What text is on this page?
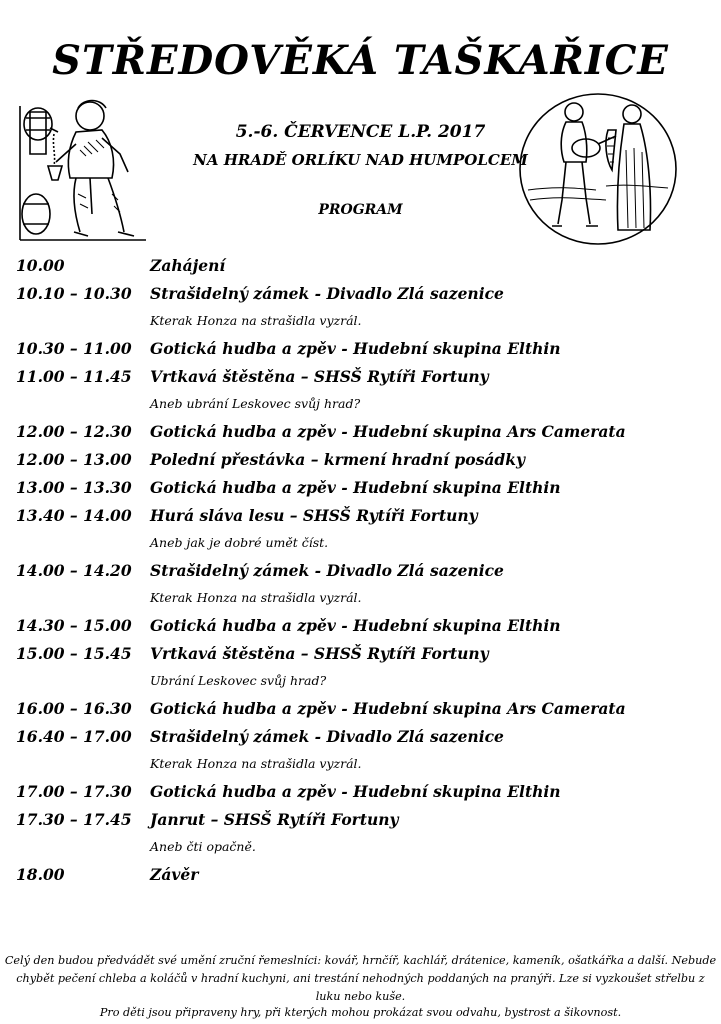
STŘEDOVĚKÁ TAŠKAŘICE

5.-6. ČERVENCE L.P. 2017

NA HRADĚ ORLÍKU NAD HUMPOLCEM

PROGRAM

10.00	Zahájení
10.10 – 10.30	Strašidelný zámek - Divadlo Zlá sazenice
Kterak Honza na strašidla vyzrál.
10.30 – 11.00	Gotická hudba a zpěv - Hudební skupina Elthin
11.00 – 11.45	Vrtkavá štěstěna – SHSŠ Rytíři Fortuny
Aneb ubrání Leskovec svůj hrad?
12.00 – 12.30	Gotická hudba a zpěv - Hudební skupina Ars Camerata
12.00 – 13.00	Polední přestávka – krmení hradní posádky
13.00 – 13.30	Gotická hudba a zpěv - Hudební skupina Elthin
13.40 – 14.00	Hurá sláva lesu – SHSŠ Rytíři Fortuny
Aneb jak je dobré umět číst.
14.00 – 14.20	Strašidelný zámek - Divadlo Zlá sazenice
Kterak Honza na strašidla vyzrál.
14.30 – 15.00	Gotická hudba a zpěv - Hudební skupina Elthin
15.00 – 15.45	Vrtkavá štěstěna – SHSŠ Rytíři Fortuny
Ubrání Leskovec svůj hrad?
16.00 – 16.30	Gotická hudba a zpěv - Hudební skupina Ars Camerata
16.40 – 17.00	Strašidelný zámek - Divadlo Zlá sazenice
Kterak Honza na strašidla vyzrál.
17.00 – 17.30	Gotická hudba a zpěv - Hudební skupina Elthin
17.30 – 17.45	Janrut – SHSŠ Rytíři Fortuny
Aneb čti opačně.
18.00	Závěr

Celý den budou předvádět své umění zruční řemeslníci: kovář, hrnčíř, kachlář, drátenice, kameník, ošatkářka a další. Nebude chybět pečení chleba a koláčů v hradní kuchyni, ani trestání nehodných poddaných na pranýři. Lze si vyzkoušet střelbu z luku nebo kuše.

Pro děti jsou připraveny hry, při kterých mohou prokázat svou odvahu, bystrost a šikovnost.
